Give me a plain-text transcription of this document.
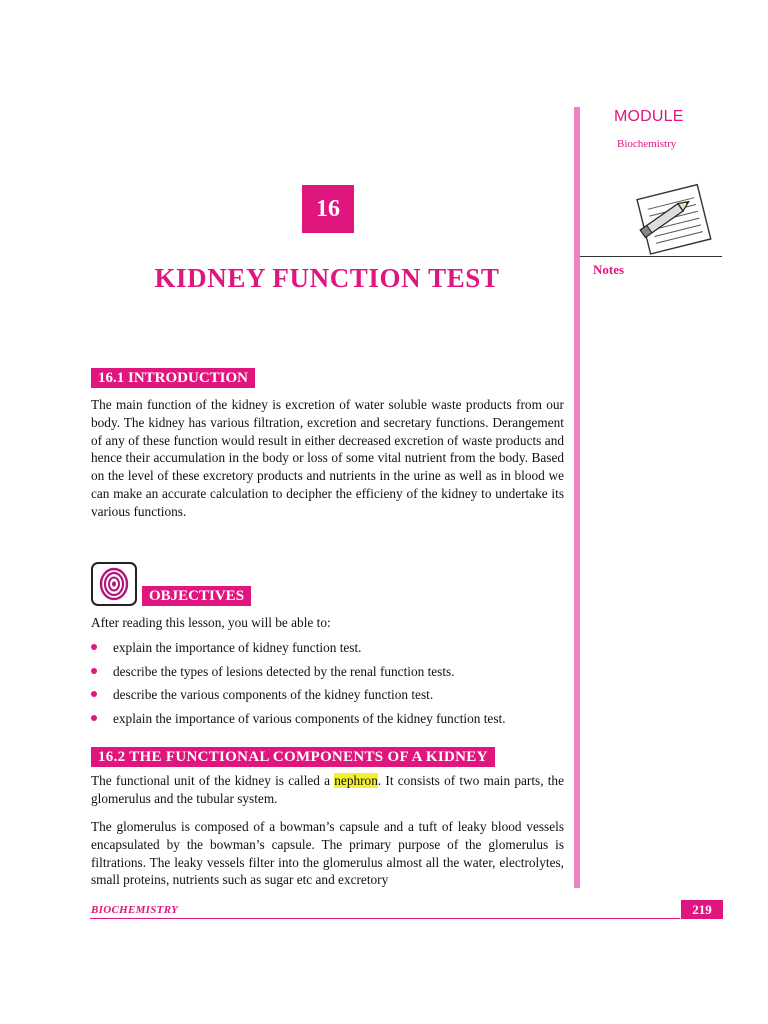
MODULE
Biochemistry
Notes
16
KIDNEY FUNCTION TEST
16.1 INTRODUCTION
The main function of the kidney is excretion of water soluble waste products from our body. The kidney has various filtration, excretion and secretary functions. Derangement of any of these function would result in either decreased excretion of waste products and hence their accumulation in the body or loss of some vital nutrient from the body. Based on the level of these excretory products and nutrients in the urine as well as in blood we can make an accurate calculation to decipher the efficieny of the kidney to undertake its various functions.
OBJECTIVES
After reading this lesson, you will be able to:
explain the importance of kidney function test.
describe the types of lesions detected by the renal function tests.
describe the various components of the kidney function test.
explain the importance of various components of the kidney function test.
16.2 THE FUNCTIONAL COMPONENTS OF A KIDNEY
The functional unit of the kidney is called a nephron. It consists of two main parts, the glomerulus and the tubular system.
The glomerulus is composed of a bowman’s capsule and a tuft of leaky blood vessels encapsulated by the bowman’s capsule. The primary purpose of the glomerulus is filtrations. The leaky vessels filter into the glomerulus almost all the water, electrolytes, small proteins, nutrients such as sugar etc and excretory
BIOCHEMISTRY	219
